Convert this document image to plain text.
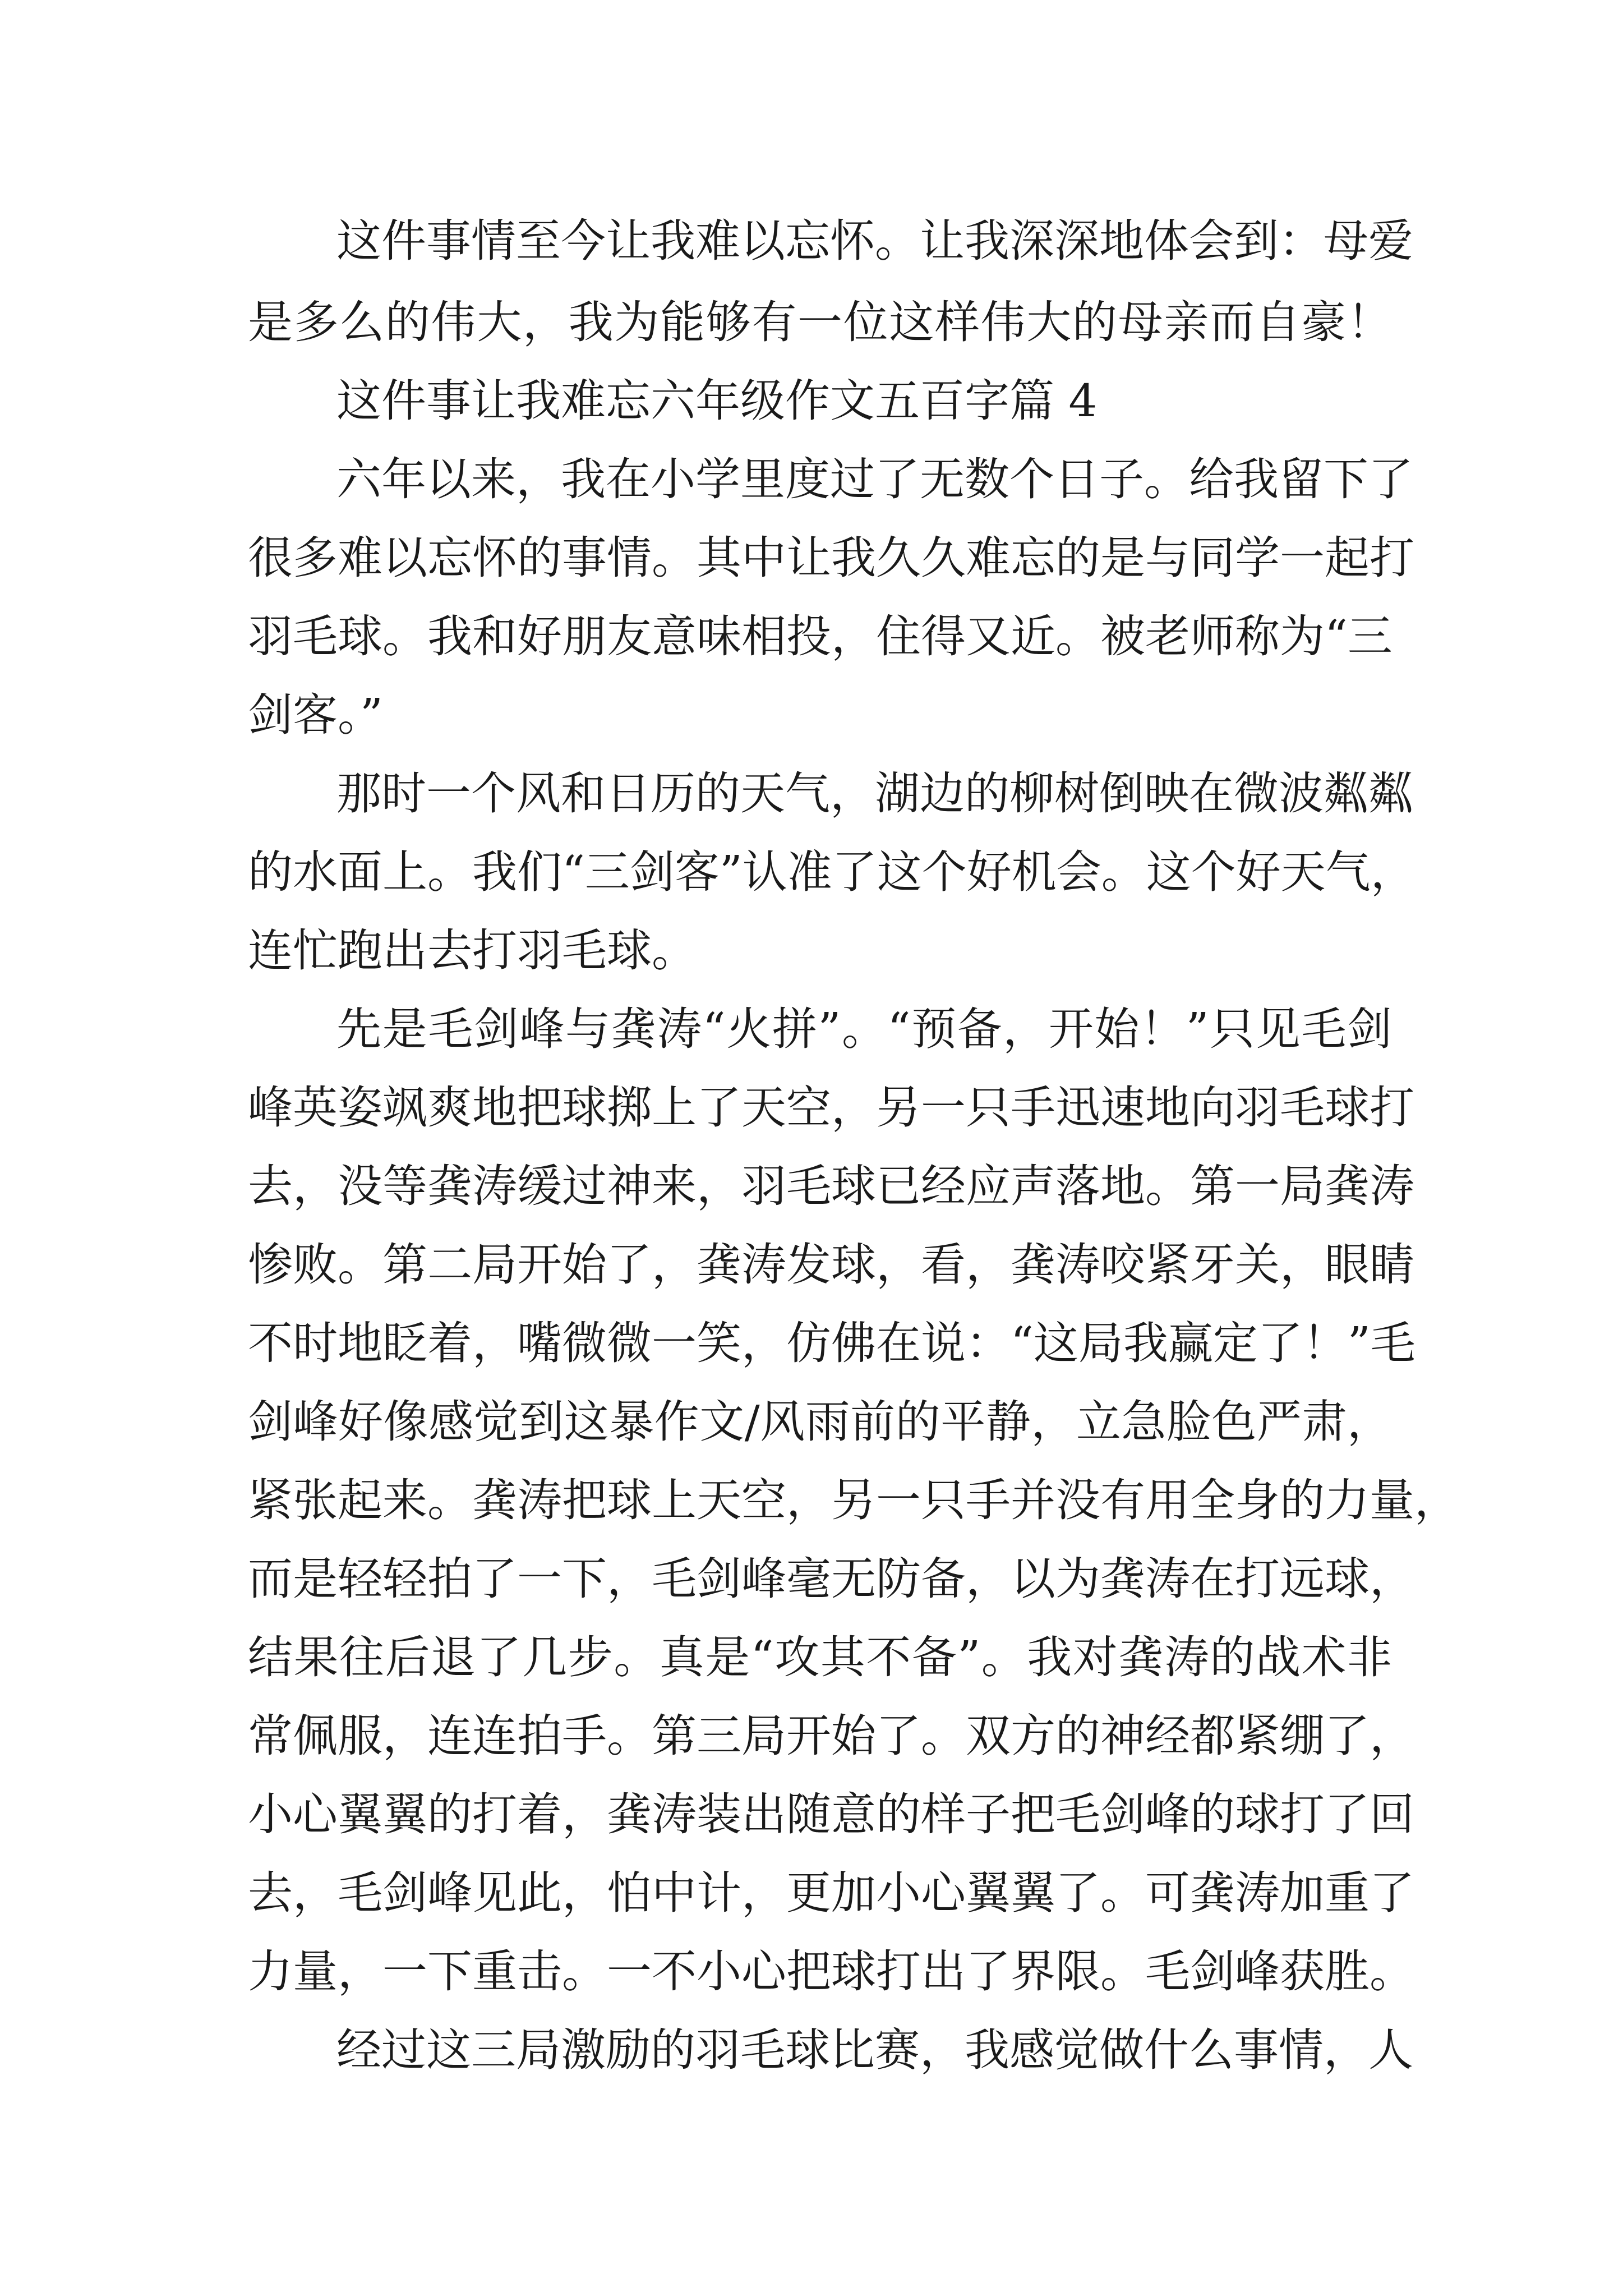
这件事情至今让我难以忘怀。让我深深地体会到：母爱
是多么的伟大，我为能够有一位这样伟大的母亲而自豪！
这件事让我难忘六年级作文五百字篇 4
六年以来，我在小学里度过了无数个日子。给我留下了
很多难以忘怀的事情。其中让我久久难忘的是与同学一起打
羽毛球。我和好朋友意味相投，住得又近。被老师称为“三
剑客。”
那时一个风和日历的天气，湖边的柳树倒映在微波粼粼
的水面上。我们“三剑客”认准了这个好机会。这个好天气，
连忙跑出去打羽毛球。
先是毛剑峰与龚涛“火拼”。“预备，开始！”只见毛剑
峰英姿飒爽地把球掷上了天空，另一只手迅速地向羽毛球打
去，没等龚涛缓过神来，羽毛球已经应声落地。第一局龚涛
惨败。第二局开始了，龚涛发球，看，龚涛咬紧牙关，眼睛
不时地眨着，嘴微微一笑，仿佛在说：“这局我赢定了！”毛
剑峰好像感觉到这暴作文/风雨前的平静，立急脸色严肃，
紧张起来。龚涛把球上天空，另一只手并没有用全身的力量，
而是轻轻拍了一下，毛剑峰毫无防备，以为龚涛在打远球，
结果往后退了几步。真是“攻其不备”。我对龚涛的战术非
常佩服，连连拍手。第三局开始了。双方的神经都紧绷了，
小心翼翼的打着，龚涛装出随意的样子把毛剑峰的球打了回
去，毛剑峰见此，怕中计，更加小心翼翼了。可龚涛加重了
力量，一下重击。一不小心把球打出了界限。毛剑峰获胜。
经过这三局激励的羽毛球比赛，我感觉做什么事情，人
